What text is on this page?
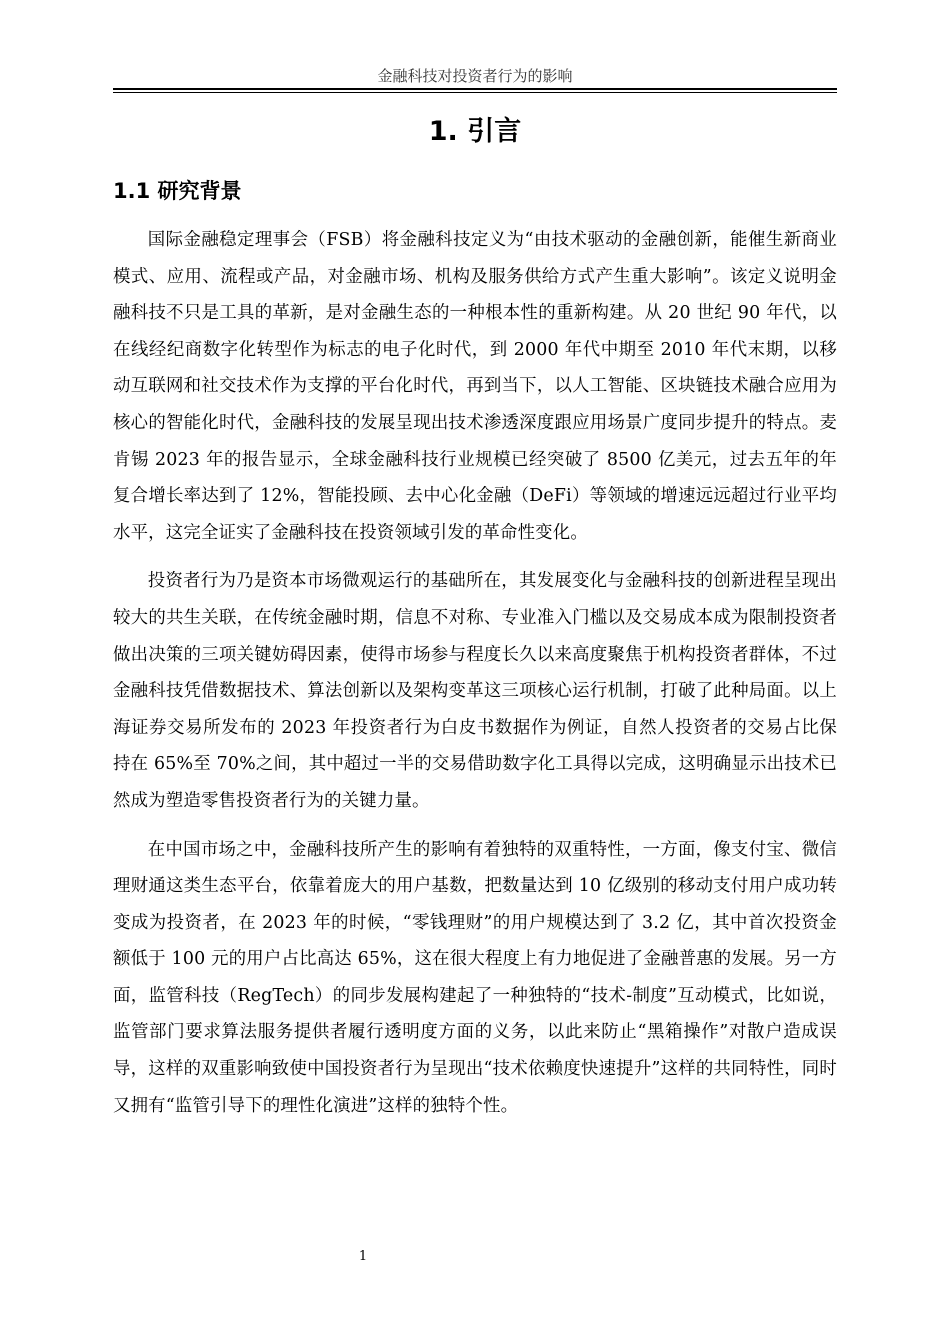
金融科技对投资者行为的影响
1. 引言
1.1 研究背景

国际金融稳定理事会（FSB）将金融科技定义为“由技术驱动的金融创新，能催生新商业模式、应用、流程或产品，对金融市场、机构及服务供给方式产生重大影响”。该定义说明金融科技不只是工具的革新，是对金融生态的一种根本性的重新构建。从 20 世纪 90 年代，以在线经纪商数字化转型作为标志的电子化时代，到 2000 年代中期至 2010 年代末期，以移动互联网和社交技术作为支撑的平台化时代，再到当下，以人工智能、区块链技术融合应用为核心的智能化时代，金融科技的发展呈现出技术渗透深度跟应用场景广度同步提升的特点。麦肯锡 2023 年的报告显示，全球金融科技行业规模已经突破了 8500 亿美元，过去五年的年复合增长率达到了 12%，智能投顾、去中心化金融（DeFi）等领域的增速远远超过行业平均水平，这完全证实了金融科技在投资领域引发的革命性变化。

投资者行为乃是资本市场微观运行的基础所在，其发展变化与金融科技的创新进程呈现出较大的共生关联，在传统金融时期，信息不对称、专业准入门槛以及交易成本成为限制投资者做出决策的三项关键妨碍因素，使得市场参与程度长久以来高度聚焦于机构投资者群体，不过金融科技凭借数据技术、算法创新以及架构变革这三项核心运行机制，打破了此种局面。以上海证券交易所发布的 2023 年投资者行为白皮书数据作为例证，自然人投资者的交易占比保持在 65%至 70%之间，其中超过一半的交易借助数字化工具得以完成，这明确显示出技术已然成为塑造零售投资者行为的关键力量。

在中国市场之中，金融科技所产生的影响有着独特的双重特性，一方面，像支付宝、微信理财通这类生态平台，依靠着庞大的用户基数，把数量达到 10 亿级别的移动支付用户成功转变成为投资者，在 2023 年的时候，“零钱理财”的用户规模达到了 3.2 亿，其中首次投资金额低于 100 元的用户占比高达 65%，这在很大程度上有力地促进了金融普惠的发展。另一方面，监管科技（RegTech）的同步发展构建起了一种独特的“技术-制度”互动模式，比如说，监管部门要求算法服务提供者履行透明度方面的义务，以此来防止“黑箱操作”对散户造成误导，这样的双重影响致使中国投资者行为呈现出“技术依赖度快速提升”这样的共同特性，同时又拥有“监管引导下的理性化演进”这样的独特个性。

1
